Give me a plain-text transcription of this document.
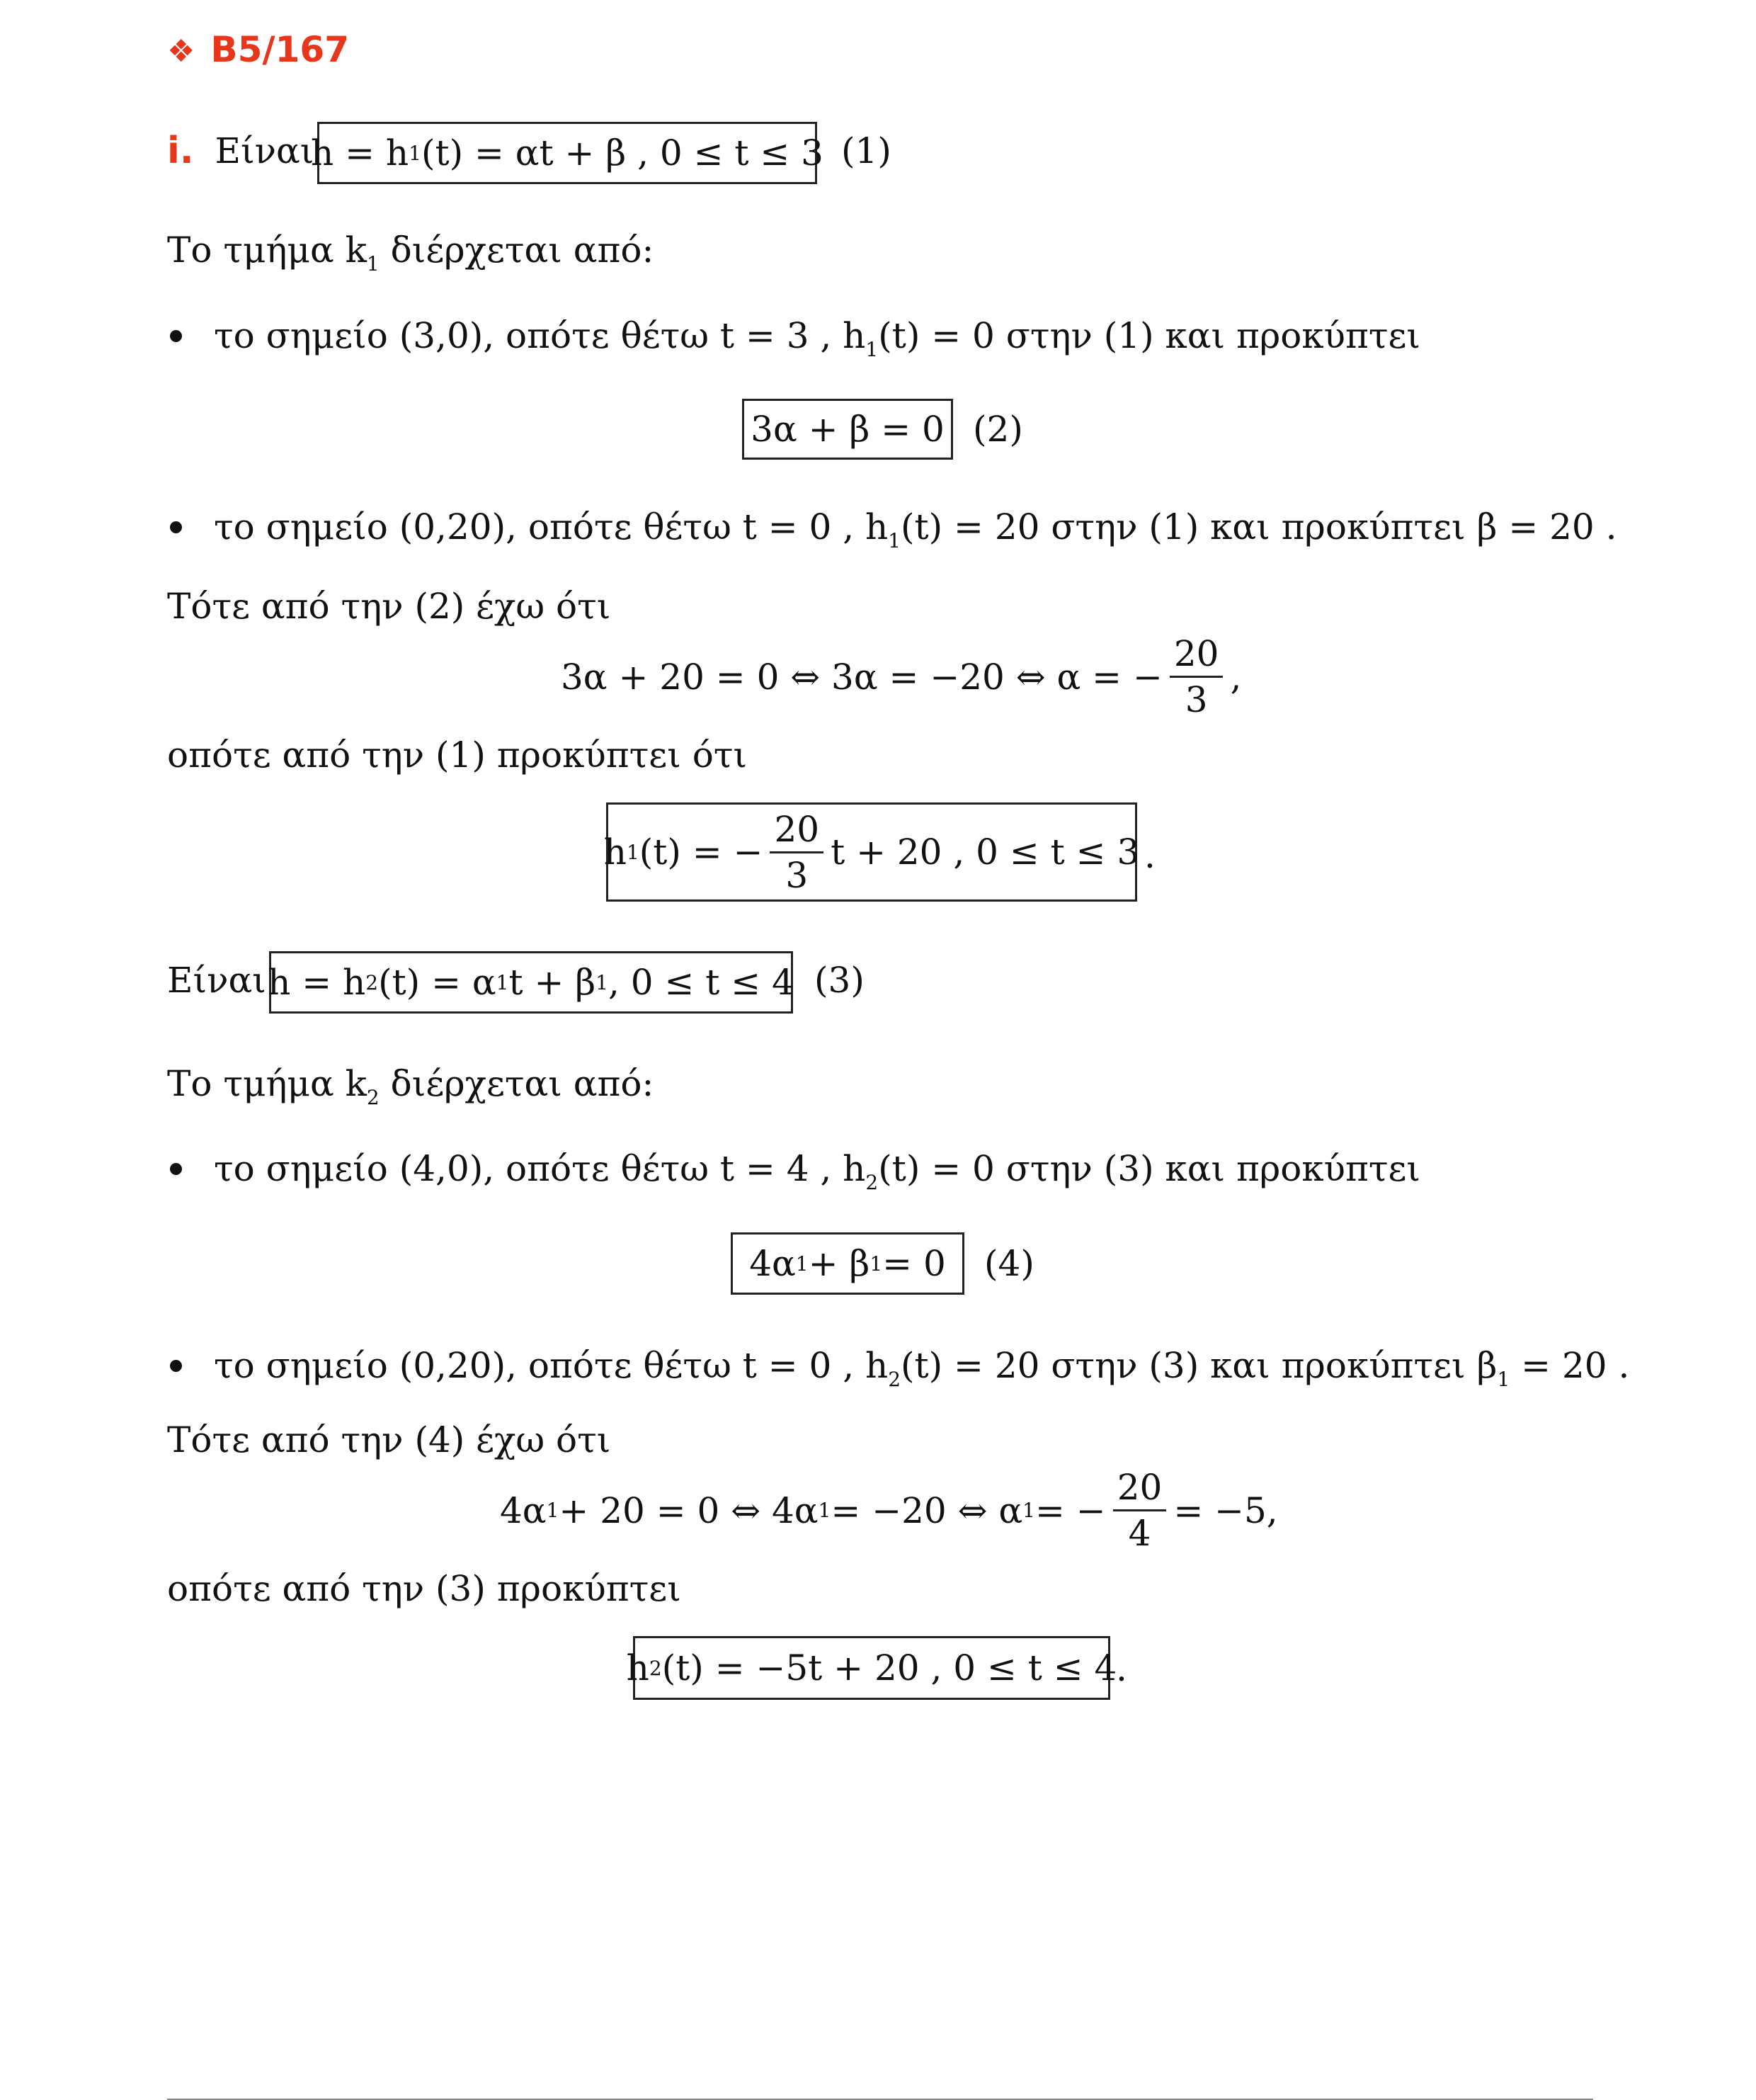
❖ B5/167
i. Είναι
h = h 1 (t) = αt + β , 0 ≤ t ≤ 3 (1)
Το τμήμα $k_1$ διέρχεται από:
το σημείο (3,0), οπότε θέτω t = 3 , $h_1(t) = 0$ στην (1) και προκύπτει
3α + β = 0 (2)
το σημείο (0,20), οπότε θέτω t = 0 , $h_1(t) = 20$ στην (1) και προκύπτει β = 20 .
Τότε από την (2) έχω ότι
3α + 20 = 0 ⇔ 3α = −20 ⇔ α = − $\frac{20}{3}$ ,
οπότε από την (1) προκύπτει ότι
h 1 (t) = − $\frac{20}{3}$ t + 20 , 0 ≤ t ≤ 3 .
Είναι h = h 2 (t) = α 1 t + β 1 , 0 ≤ t ≤ 4 (3)
Το τμήμα $k_2$ διέρχεται από:
το σημείο (4,0), οπότε θέτω t = 4 , $h_2(t) = 0$ στην (3) και προκύπτει
4α 1 + β 1 = 0 (4)
το σημείο (0,20), οπότε θέτω t = 0 , $h_2(t) = 20$ στην (3) και προκύπτει $\beta_1 = 20$ .
Τότε από την (4) έχω ότι
4α 1 + 20 = 0 ⇔ 4α 1 = −20 ⇔ α 1 = − $\frac{20}{4} = -5$,
οπότε από την (3) προκύπτει
h 2 (t) = −5t + 20 , 0 ≤ t ≤ 4
.
